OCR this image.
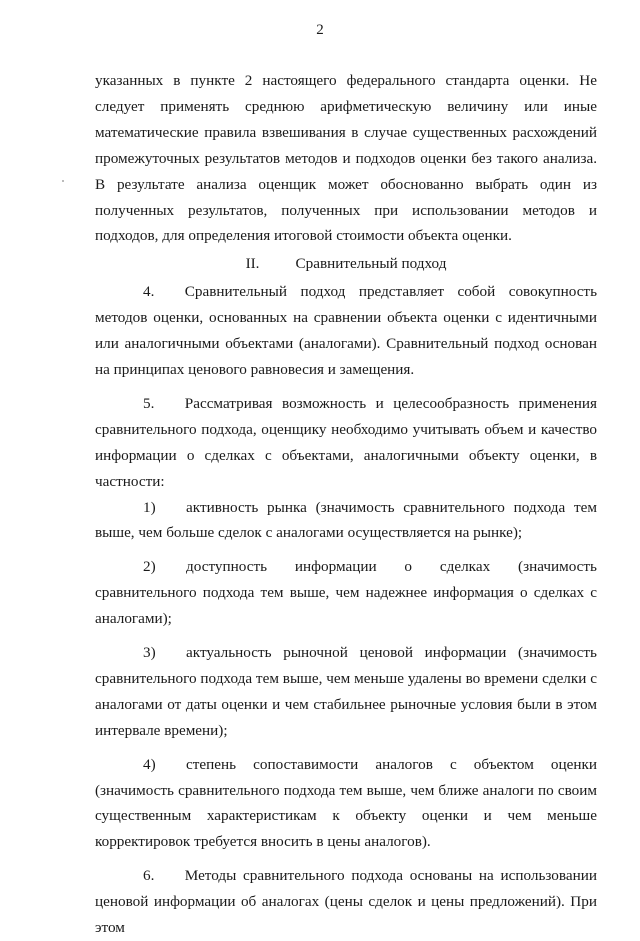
2

указанных в пункте 2 настоящего федерального стандарта оценки. Не следует применять среднюю арифметическую величину или иные математические правила взвешивания в случае существенных расхождений промежуточных результатов методов и подходов оценки без такого анализа. В результате анализа оценщик может обоснованно выбрать один из полученных результатов, полученных при использовании методов и подходов, для определения итоговой стоимости объекта оценки.

II. Сравнительный подход

4.  Сравнительный подход представляет собой совокупность методов оценки, основанных на сравнении объекта оценки с идентичными или аналогичными объектами (аналогами). Сравнительный подход основан на принципах ценового равновесия и замещения.

5.  Рассматривая возможность и целесообразность применения сравнительного подхода, оценщику необходимо учитывать объем и качество информации о сделках с объектами, аналогичными объекту оценки, в частности:

1)  активность рынка (значимость сравнительного подхода тем выше, чем больше сделок с аналогами осуществляется на рынке);

2)  доступность информации о сделках (значимость сравнительного подхода тем выше, чем надежнее информация о сделках с аналогами);

3)  актуальность рыночной ценовой информации (значимость сравнительного подхода тем выше, чем меньше удалены во времени сделки с аналогами от даты оценки и чем стабильнее рыночные условия были в этом интервале времени);

4)  степень сопоставимости аналогов с объектом оценки (значимость сравнительного подхода тем выше, чем ближе аналоги по своим существенным характеристикам к объекту оценки и чем меньше корректировок требуется вносить в цены аналогов).

6.  Методы сравнительного подхода основаны на использовании ценовой информации об аналогах (цены сделок и цены предложений). При этом
